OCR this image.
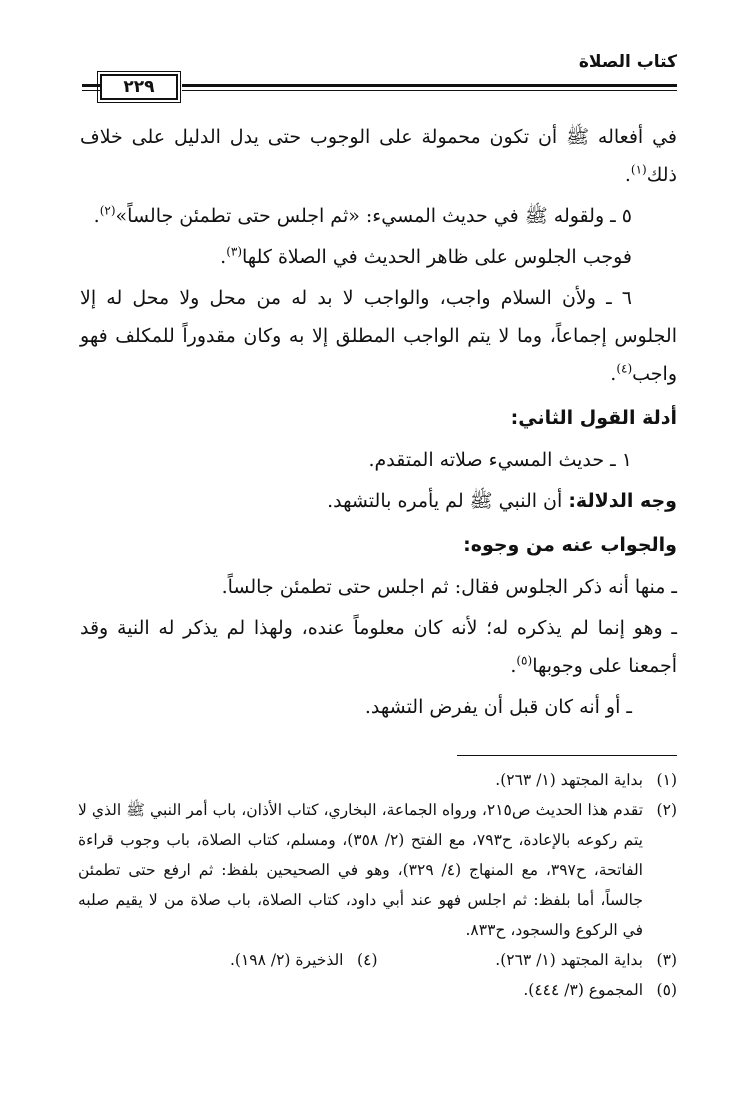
كتاب الصلاة
٢٢٩

في أفعاله ﷺ أن تكون محمولة على الوجوب حتى يدل الدليل على خلاف ذلك$^{(١)}$.

٥ ـ ولقوله ﷺ في حديث المسيء: «ثم اجلس حتى تطمئن جالساً»$^{(٢)}$.

فوجب الجلوس على ظاهر الحديث في الصلاة كلها$^{(٣)}$.

٦ ـ ولأن السلام واجب، والواجب لا بد له من محل ولا محل له إلا الجلوس إجماعاً، وما لا يتم الواجب المطلق إلا به وكان مقدوراً للمكلف فهو واجب$^{(٤)}$.

أدلة القول الثاني:

١ ـ حديث المسيء صلاته المتقدم.

وجه الدلالة: أن النبي ﷺ لم يأمره بالتشهد.

والجواب عنه من وجوه:

ـ منها أنه ذكر الجلوس فقال: ثم اجلس حتى تطمئن جالساً.

ـ وهو إنما لم يذكره له؛ لأنه كان معلوماً عنده، ولهذا لم يذكر له النية وقد أجمعنا على وجوبها$^{(٥)}$.

ـ أو أنه كان قبل أن يفرض التشهد.

(١)
بداية المجتهد (١/ ٢٦٣).
(٢)
تقدم هذا الحديث ص٢١٥، ورواه الجماعة، البخاري، كتاب الأذان، باب أمر النبي ﷺ الذي لا يتم ركوعه بالإعادة، ح٧٩٣، مع الفتح (٢/ ٣٥٨)، ومسلم، كتاب الصلاة، باب وجوب قراءة الفاتحة، ح٣٩٧، مع المنهاج (٤/ ٣٢٩)، وهو في الصحيحين بلفظ: ثم ارفع حتى تطمئن جالساً، أما بلفظ: ثم اجلس فهو عند أبي داود، كتاب الصلاة، باب صلاة من لا يقيم صلبه في الركوع والسجود، ح٨٣٣.
(٣)
بداية المجتهد (١/ ٢٦٣).
(٤)
الذخيرة (٢/ ١٩٨).
(٥)
المجموع (٣/ ٤٤٤).
